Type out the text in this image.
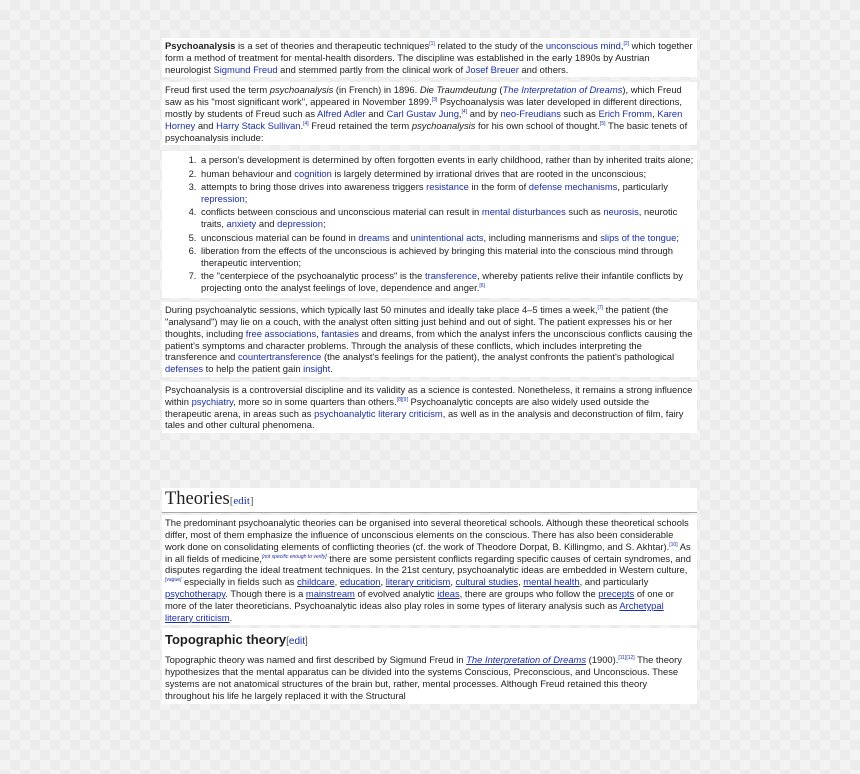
Psychoanalysis is a set of theories and therapeutic techniques[1] related to the study of the unconscious mind,[2] which together form a method of treatment for mental-health disorders. The discipline was established in the early 1890s by Austrian neurologist Sigmund Freud and stemmed partly from the clinical work of Josef Breuer and others.

Freud first used the term psychoanalysis (in French) in 1896. Die Traumdeutung (The Interpretation of Dreams), which Freud saw as his "most significant work", appeared in November 1899.[3] Psychoanalysis was later developed in different directions, mostly by students of Freud such as Alfred Adler and Carl Gustav Jung,[4] and by neo-Freudians such as Erich Fromm, Karen Horney and Harry Stack Sullivan.[4] Freud retained the term psychoanalysis for his own school of thought.[5] The basic tenets of psychoanalysis include:

1. a person's development is determined by often forgotten events in early childhood, rather than by inherited traits alone;
2. human behaviour and cognition is largely determined by irrational drives that are rooted in the unconscious;
3. attempts to bring those drives into awareness triggers resistance in the form of defense mechanisms, particularly repression;
4. conflicts between conscious and unconscious material can result in mental disturbances such as neurosis, neurotic traits, anxiety and depression;
5. unconscious material can be found in dreams and unintentional acts, including mannerisms and slips of the tongue;
6. liberation from the effects of the unconscious is achieved by bringing this material into the conscious mind through therapeutic intervention;
7. the "centerpiece of the psychoanalytic process" is the transference, whereby patients relive their infantile conflicts by projecting onto the analyst feelings of love, dependence and anger.[6]

During psychoanalytic sessions, which typically last 50 minutes and ideally take place 4–5 times a week,[7] the patient (the "analysand") may lie on a couch, with the analyst often sitting just behind and out of sight. The patient expresses his or her thoughts, including free associations, fantasies and dreams, from which the analyst infers the unconscious conflicts causing the patient's symptoms and character problems. Through the analysis of these conflicts, which includes interpreting the transference and countertransference (the analyst's feelings for the patient), the analyst confronts the patient's pathological defenses to help the patient gain insight.

Psychoanalysis is a controversial discipline and its validity as a science is contested. Nonetheless, it remains a strong influence within psychiatry, more so in some quarters than others.[8][9] Psychoanalytic concepts are also widely used outside the therapeutic arena, in areas such as psychoanalytic literary criticism, as well as in the analysis and deconstruction of film, fairy tales and other cultural phenomena.

Theories[edit]

The predominant psychoanalytic theories can be organised into several theoretical schools. Although these theoretical schools differ, most of them emphasize the influence of unconscious elements on the conscious. There has also been considerable work done on consolidating elements of conflicting theories (cf. the work of Theodore Dorpat, B. Killingmo, and S. Akhtar).[10] As in all fields of medicine,[not specific enough to verify] there are some persistent conflicts regarding specific causes of certain syndromes, and disputes regarding the ideal treatment techniques. In the 21st century, psychoanalytic ideas are embedded in Western culture,[vague] especially in fields such as childcare, education, literary criticism, cultural studies, mental health, and particularly psychotherapy. Though there is a mainstream of evolved analytic ideas, there are groups who follow the precepts of one or more of the later theoreticians. Psychoanalytic ideas also play roles in some types of literary analysis such as Archetypal literary criticism.

Topographic theory[edit]

Topographic theory was named and first described by Sigmund Freud in The Interpretation of Dreams (1900).[11][12] The theory hypothesizes that the mental apparatus can be divided into the systems Conscious, Preconscious, and Unconscious. These systems are not anatomical structures of the brain but, rather, mental processes. Although Freud retained this theory throughout his life he largely replaced it with the Structural
